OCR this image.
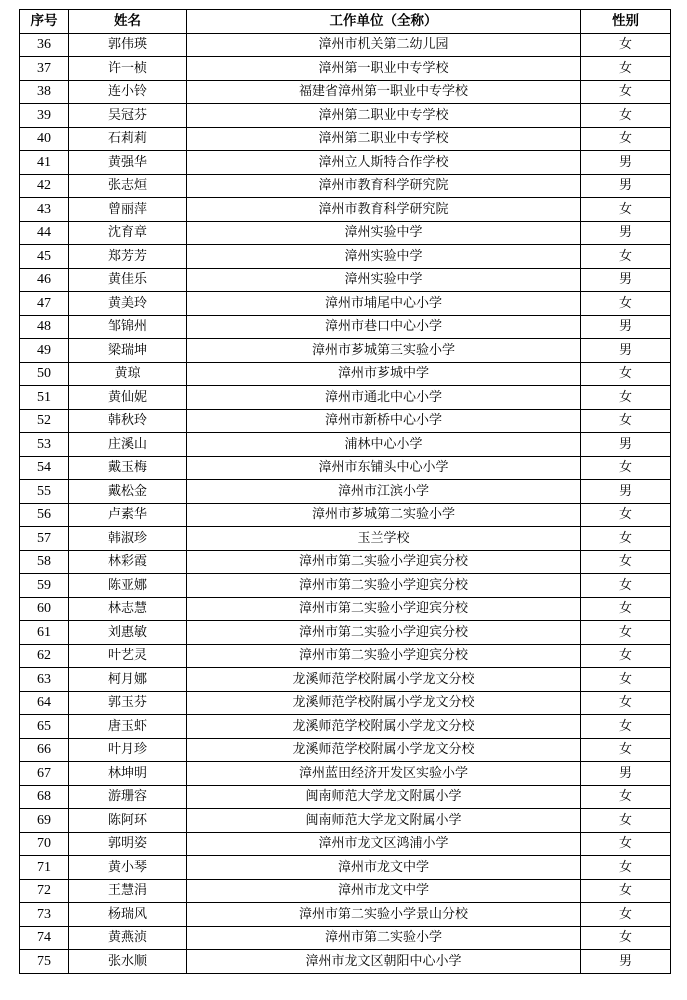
序号	姓名	工作单位（全称）	性别
36	郭伟瑛	漳州市机关第二幼儿园	女
37	许一桢	漳州第一职业中专学校	女
38	连小铃	福建省漳州第一职业中专学校	女
39	吴冠芬	漳州第二职业中专学校	女
40	石莉莉	漳州第二职业中专学校	女
41	黄强华	漳州立人斯特合作学校	男
42	张志烜	漳州市教育科学研究院	男
43	曾丽萍	漳州市教育科学研究院	女
44	沈育章	漳州实验中学	男
45	郑芳芳	漳州实验中学	女
46	黄佳乐	漳州实验中学	男
47	黄美玲	漳州市埔尾中心小学	女
48	邹锦州	漳州市巷口中心小学	男
49	梁瑞坤	漳州市芗城第三实验小学	男
50	黄琼	漳州市芗城中学	女
51	黄仙妮	漳州市通北中心小学	女
52	韩秋玲	漳州市新桥中心小学	女
53	庄溪山	浦林中心小学	男
54	戴玉梅	漳州市东铺头中心小学	女
55	戴松金	漳州市江滨小学	男
56	卢素华	漳州市芗城第二实验小学	女
57	韩淑珍	玉兰学校	女
58	林彩霞	漳州市第二实验小学迎宾分校	女
59	陈亚娜	漳州市第二实验小学迎宾分校	女
60	林志慧	漳州市第二实验小学迎宾分校	女
61	刘惠敏	漳州市第二实验小学迎宾分校	女
62	叶艺灵	漳州市第二实验小学迎宾分校	女
63	柯月娜	龙溪师范学校附属小学龙文分校	女
64	郭玉芬	龙溪师范学校附属小学龙文分校	女
65	唐玉虾	龙溪师范学校附属小学龙文分校	女
66	叶月珍	龙溪师范学校附属小学龙文分校	女
67	林坤明	漳州蓝田经济开发区实验小学	男
68	游珊容	闽南师范大学龙文附属小学	女
69	陈阿环	闽南师范大学龙文附属小学	女
70	郭明姿	漳州市龙文区鸿浦小学	女
71	黄小琴	漳州市龙文中学	女
72	王慧涓	漳州市龙文中学	女
73	杨瑞风	漳州市第二实验小学景山分校	女
74	黄燕浈	漳州市第二实验小学	女
75	张水顺	漳州市龙文区朝阳中心小学	男
